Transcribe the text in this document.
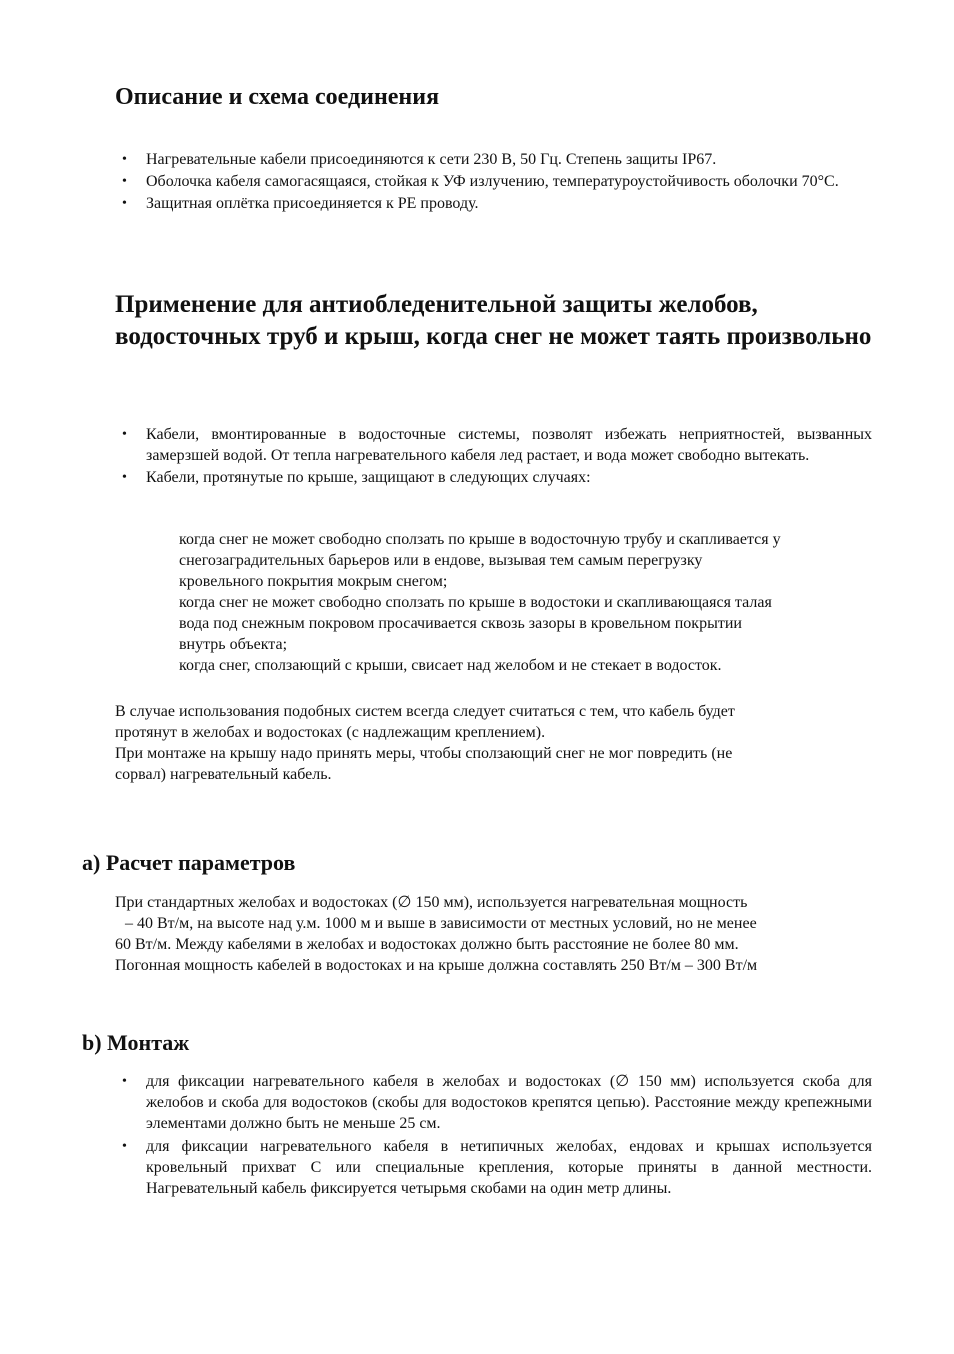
Описание и схема соединения
• Нагревательные кабели присоединяются к сети 230 В, 50 Гц. Степень защиты IP67.
• Оболочка кабеля самогасящаяся, стойкая к УФ излучению, температуроустойчивость оболочки 70°С.
• Защитная оплётка присоединяется к РЕ проводу.
Применение для антиобледенительной защиты желобов, водосточных труб и крыш, когда снег не может таять произвольно
• Кабели, вмонтированные в водосточные системы, позволят избежать неприятностей, вызванных замерзшей водой. От тепла нагревательного кабеля лед растает, и вода может свободно вытекать.
• Кабели, протянутые по крыше, защищают в следующих случаях:

когда снег не может свободно сползать по крыше в водосточную трубу и скапливается у

снегозаградительных барьеров или в ендове, вызывая тем самым перегрузку

кровельного покрытия мокрым снегом;

когда снег не может свободно сползать по крыше в водостоки и скапливающаяся талая

вода под снежным покровом просачивается сквозь зазоры в кровельном покрытии

внутрь объекта;

когда снег, сползающий с крыши, свисает над желобом и не стекает в водосток.

В случае использования подобных систем всегда следует считаться с тем, что кабель будет

протянут в желобах и водостоках (с надлежащим креплением).

При монтаже на крышу надо принять меры, чтобы сползающий снег не мог повредить (не

сорвал) нагревательный кабель.

a) Расчет параметров

При стандартных желобах и водостоках (∅ 150 мм), используется нагревательная мощность

– 40 Вт/м, на высоте над у.м. 1000 м и выше в зависимости от местных условий, но не менее

60 Вт/м. Между кабелями в желобах и водостоках должно быть расстояние не более 80 мм.

Погонная мощность кабелей в водостоках и на крыше должна составлять 250 Вт/м – 300 Вт/м

b) Монтаж
• для фиксации нагревательного кабеля в желобах и водостоках (∅ 150 мм) используется скоба для желобов и скоба для водостоков (скобы для водостоков крепятся цепью). Расстояние между крепежными элементами должно быть не меньше 25 см.
• для фиксации нагревательного кабеля в нетипичных желобах, ендовах и крышах используется кровельный прихват С или специальные крепления, которые приняты в данной местности. Нагревательный кабель фиксируется четырьмя скобами на один метр длины.
